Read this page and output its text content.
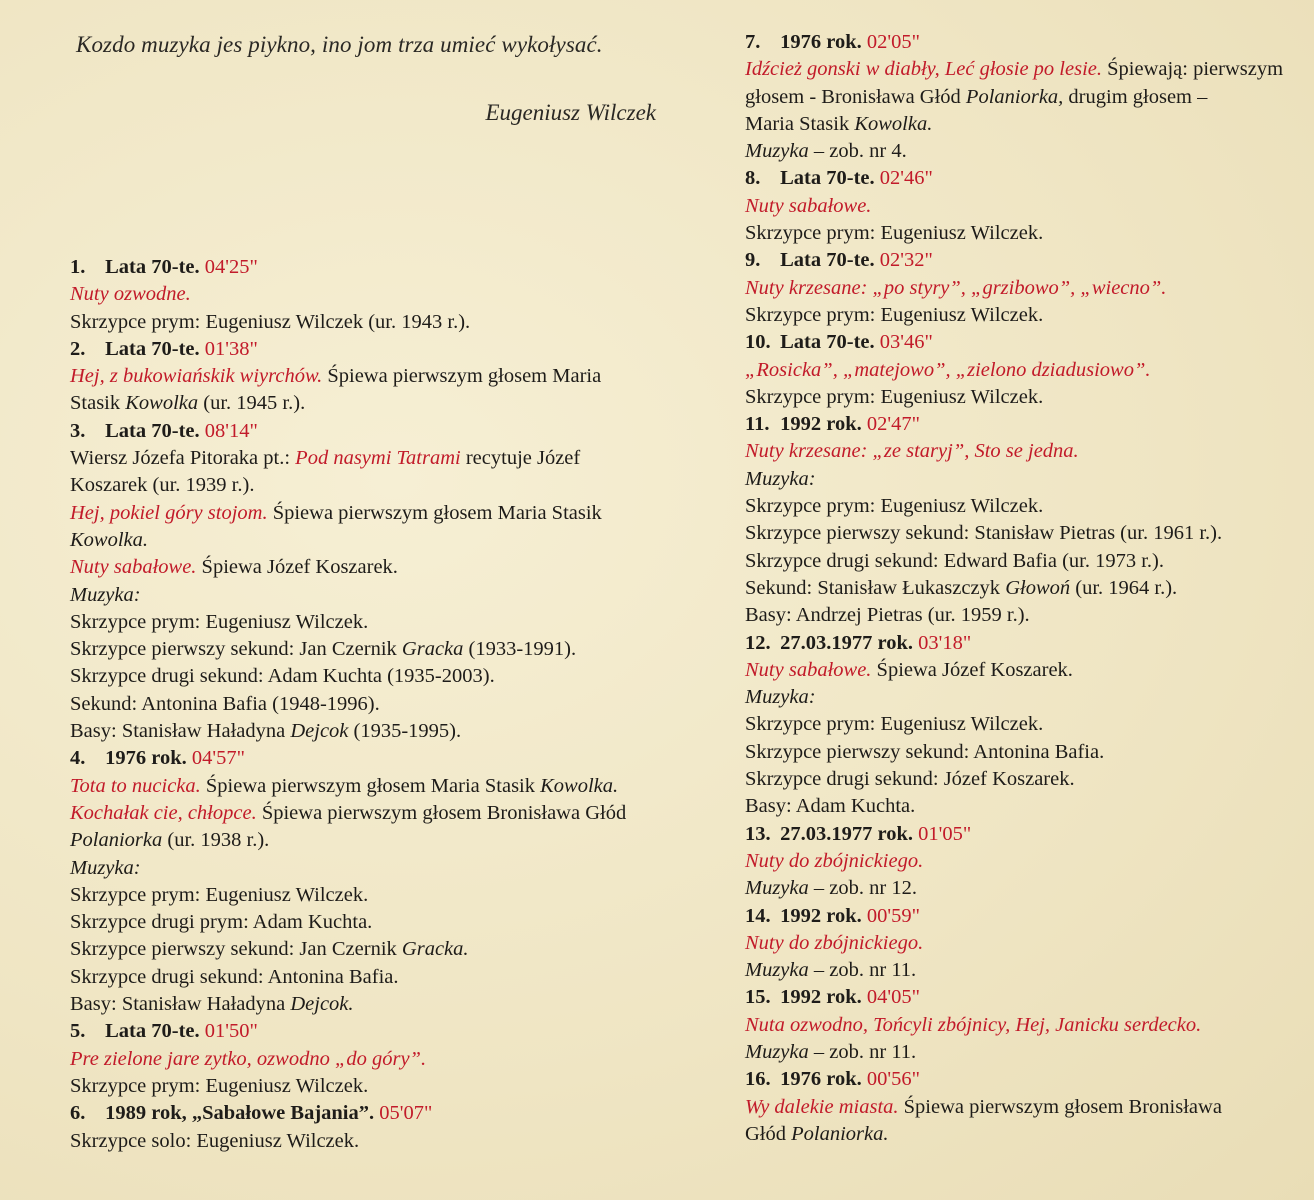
Kozdo muzyka jes piykno, ino jom trza umieć wykołysać.
Eugeniusz Wilczek
1. Lata 70-te. 04'25"
Nuty ozwodne.
Skrzypce prym: Eugeniusz Wilczek (ur. 1943 r.).
2. Lata 70-te. 01'38"
Hej, z bukowiańskik wiyrchów. Śpiewa pierwszym głosem Maria
Stasik Kowolka (ur. 1945 r.).
3. Lata 70-te. 08'14"
Wiersz Józefa Pitoraka pt.: Pod nasymi Tatrami recytuje Józef
Koszarek (ur. 1939 r.).
Hej, pokiel góry stojom. Śpiewa pierwszym głosem Maria Stasik
Kowolka.
Nuty sabałowe. Śpiewa Józef Koszarek.
Muzyka:
Skrzypce prym: Eugeniusz Wilczek.
Skrzypce pierwszy sekund: Jan Czernik Gracka (1933-1991).
Skrzypce drugi sekund: Adam Kuchta (1935-2003).
Sekund: Antonina Bafia (1948-1996).
Basy: Stanisław Haładyna Dejcok (1935-1995).
4. 1976 rok. 04'57"
Tota to nucicka. Śpiewa pierwszym głosem Maria Stasik Kowolka.
Kochałak cie, chłopce. Śpiewa pierwszym głosem Bronisława Głód
Polaniorka (ur. 1938 r.).
Muzyka:
Skrzypce prym: Eugeniusz Wilczek.
Skrzypce drugi prym: Adam Kuchta.
Skrzypce pierwszy sekund: Jan Czernik Gracka.
Skrzypce drugi sekund: Antonina Bafia.
Basy: Stanisław Haładyna Dejcok.
5. Lata 70-te. 01'50"
Pre zielone jare zytko, ozwodno „do góry”.
Skrzypce prym: Eugeniusz Wilczek.
6. 1989 rok, „Sabałowe Bajania”. 05'07"
Skrzypce solo: Eugeniusz Wilczek.
7. 1976 rok. 02'05"
Idźcież gonski w diabły, Leć głosie po lesie. Śpiewają: pierwszym
głosem - Bronisława Głód Polaniorka, drugim głosem –
Maria Stasik Kowolka.
Muzyka – zob. nr 4.
8. Lata 70-te. 02'46"
Nuty sabałowe.
Skrzypce prym: Eugeniusz Wilczek.
9. Lata 70-te. 02'32"
Nuty krzesane: „po styry”, „grzibowo”, „wiecno”.
Skrzypce prym: Eugeniusz Wilczek.
10. Lata 70-te. 03'46"
„Rosicka”, „matejowo”, „zielono dziadusiowo”.
Skrzypce prym: Eugeniusz Wilczek.
11. 1992 rok. 02'47"
Nuty krzesane: „ze staryj”, Sto se jedna.
Muzyka:
Skrzypce prym: Eugeniusz Wilczek.
Skrzypce pierwszy sekund: Stanisław Pietras (ur. 1961 r.).
Skrzypce drugi sekund: Edward Bafia (ur. 1973 r.).
Sekund: Stanisław Łukaszczyk Głowoń (ur. 1964 r.).
Basy: Andrzej Pietras (ur. 1959 r.).
12. 27.03.1977 rok. 03'18"
Nuty sabałowe. Śpiewa Józef Koszarek.
Muzyka:
Skrzypce prym: Eugeniusz Wilczek.
Skrzypce pierwszy sekund: Antonina Bafia.
Skrzypce drugi sekund: Józef Koszarek.
Basy: Adam Kuchta.
13. 27.03.1977 rok. 01'05"
Nuty do zbójnickiego.
Muzyka – zob. nr 12.
14. 1992 rok. 00'59"
Nuty do zbójnickiego.
Muzyka – zob. nr 11.
15. 1992 rok. 04'05"
Nuta ozwodno, Tońcyli zbójnicy, Hej, Janicku serdecko.
Muzyka – zob. nr 11.
16. 1976 rok. 00'56"
Wy dalekie miasta. Śpiewa pierwszym głosem Bronisława
Głód Polaniorka.
